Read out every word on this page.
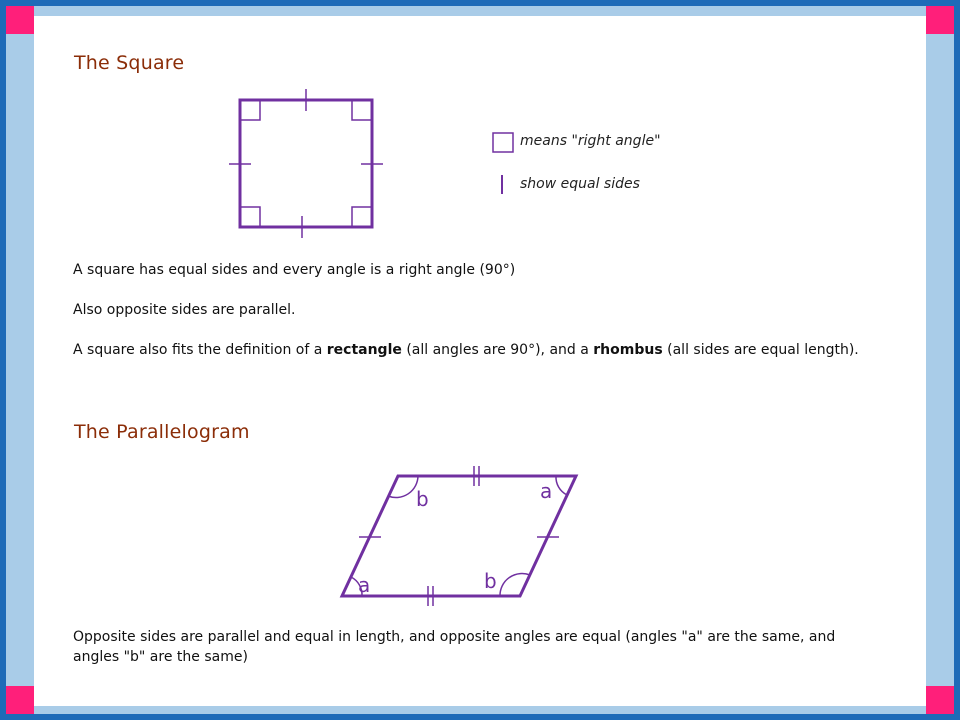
The Square

means "right angle"

show equal sides

A square has equal sides and every angle is a right angle (90°)

Also opposite sides are parallel.

A square also fits the definition of a rectangle (all angles are 90°), and a rhombus (all sides are equal length).

The Parallelogram
b	a
a	b

Opposite sides are parallel and equal in length, and opposite angles are equal (angles "a" are the same, and angles "b" are the same)
